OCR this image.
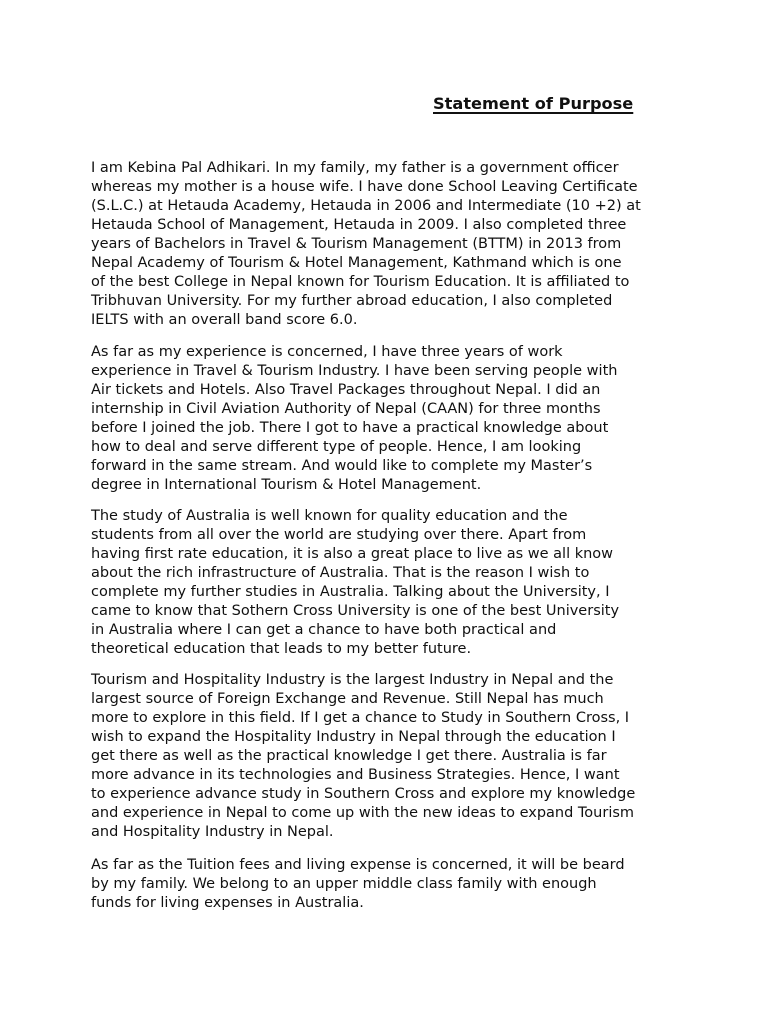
Statement of Purpose

I am Kebina Pal Adhikari. In my family, my father is a government officer
whereas my mother is a house wife. I have done School Leaving Certificate
(S.L.C.) at Hetauda Academy, Hetauda in 2006 and Intermediate (10 +2) at
Hetauda School of Management, Hetauda in 2009. I also completed three
years of Bachelors in Travel & Tourism Management (BTTM) in 2013 from
Nepal Academy of Tourism & Hotel Management, Kathmand which is one
of the best College in Nepal known for Tourism Education. It is affiliated to
Tribhuvan University. For my further abroad education, I also completed
IELTS with an overall band score 6.0.

As far as my experience is concerned, I have three years of work
experience in Travel & Tourism Industry. I have been serving people with
Air tickets and Hotels. Also Travel Packages throughout Nepal. I did an
internship in Civil Aviation Authority of Nepal (CAAN) for three months
before I joined the job. There I got to have a practical knowledge about
how to deal and serve different type of people. Hence, I am looking
forward in the same stream. And would like to complete my Master’s
degree in International Tourism & Hotel Management.

The study of Australia is well known for quality education and the
students from all over the world are studying over there. Apart from
having first rate education, it is also a great place to live as we all know
about the rich infrastructure of Australia. That is the reason I wish to
complete my further studies in Australia. Talking about the University, I
came to know that Sothern Cross University is one of the best University
in Australia where I can get a chance to have both practical and
theoretical education that leads to my better future.

Tourism and Hospitality Industry is the largest Industry in Nepal and the
largest source of Foreign Exchange and Revenue. Still Nepal has much
more to explore in this field. If I get a chance to Study in Southern Cross, I
wish to expand the Hospitality Industry in Nepal through the education I
get there as well as the practical knowledge I get there. Australia is far
more advance in its technologies and Business Strategies. Hence, I want
to experience advance study in Southern Cross and explore my knowledge
and experience in Nepal to come up with the new ideas to expand Tourism
and Hospitality Industry in Nepal.

As far as the Tuition fees and living expense is concerned, it will be beard
by my family. We belong to an upper middle class family with enough
funds for living expenses in Australia.
